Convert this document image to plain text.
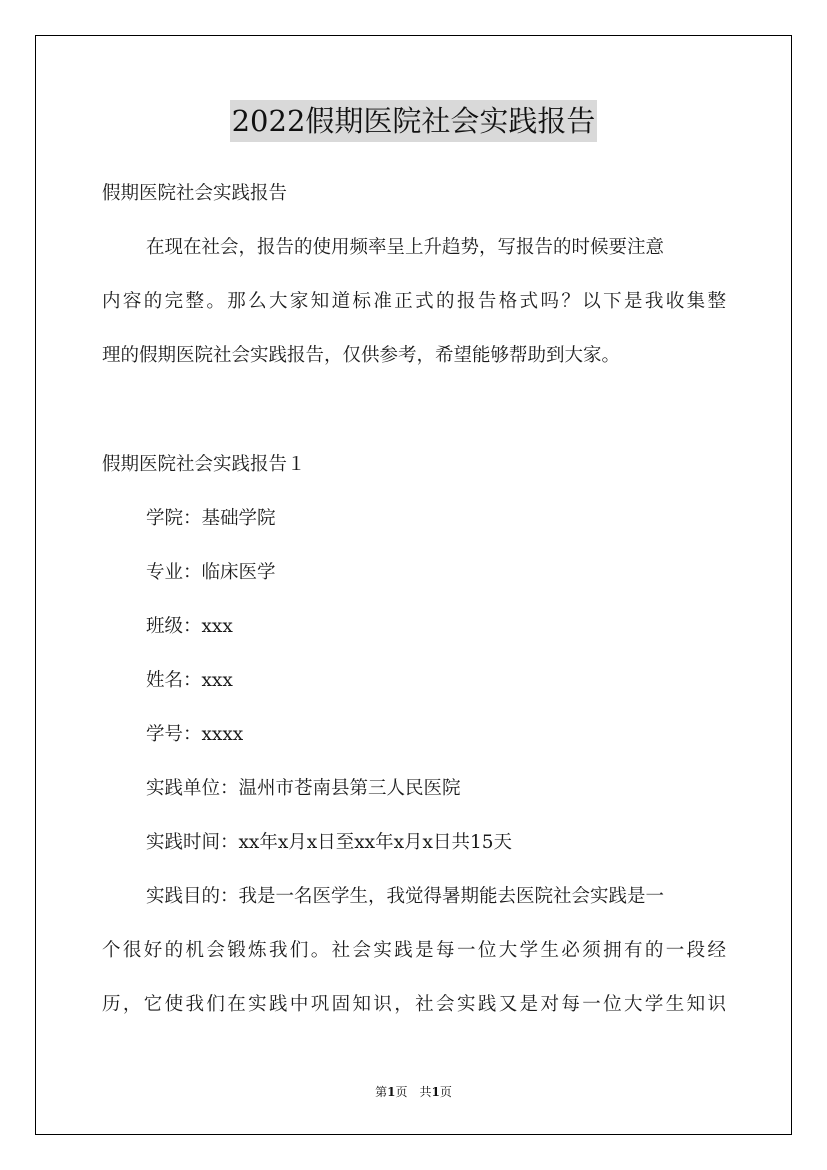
2022假期医院社会实践报告
假期医院社会实践报告
在现在社会，报告的使用频率呈上升趋势，写报告的时候要注意
内容的完整。那么大家知道标准正式的报告格式吗？以下是我收集整
理的假期医院社会实践报告，仅供参考，希望能够帮助到大家。
假期医院社会实践报告１
学院：基础学院
专业：临床医学
班级：xxx
姓名：xxx
学号：xxxx
实践单位：温州市苍南县第三人民医院
实践时间：xx年x月x日至xx年x月x日共15天
实践目的：我是一名医学生，我觉得暑期能去医院社会实践是一
个很好的机会锻炼我们。社会实践是每一位大学生必须拥有的一段经
历，它使我们在实践中巩固知识，社会实践又是对每一位大学生知识
第1页　共1页
